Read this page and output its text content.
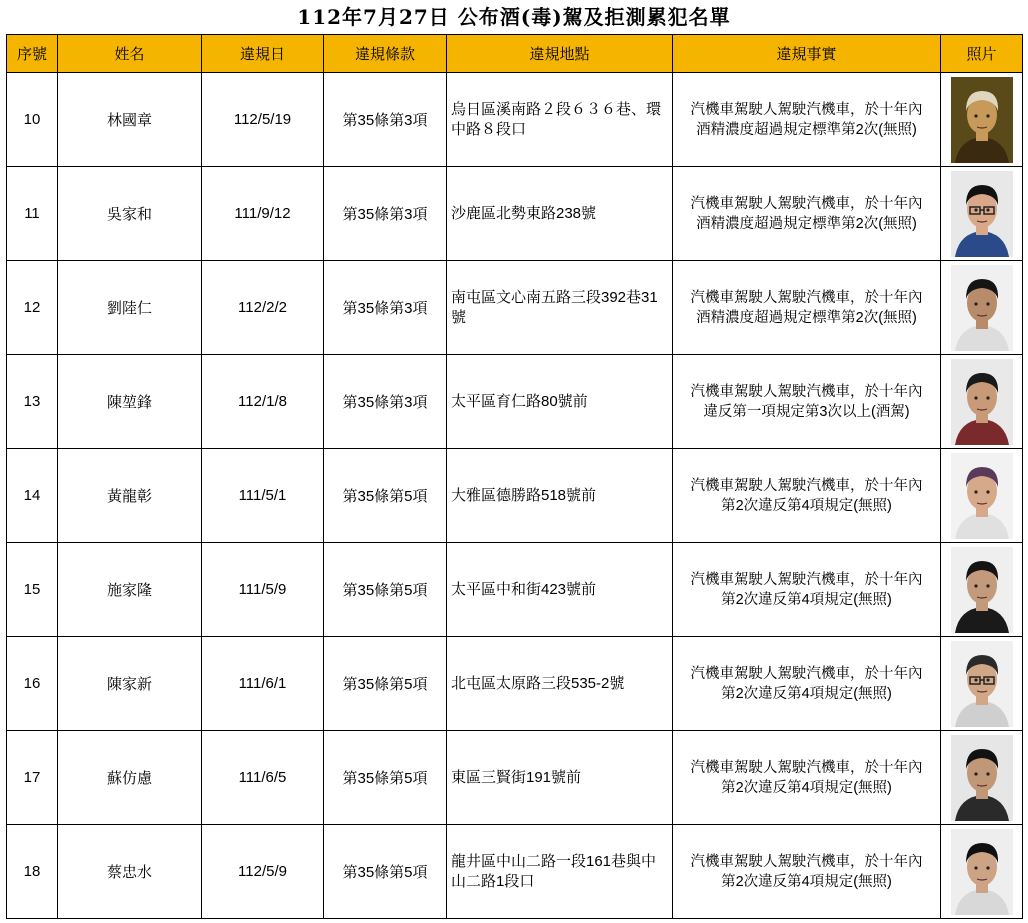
112年7月27日 公布酒(毒)駕及拒測累犯名單
序號	姓名	違規日	違規條款	違規地點	違規事實	照片
10	林國章	112/5/19	第35條第3項	烏日區溪南路２段６３６巷、環中路８段口	汽機車駕駛人駕駛汽機車，於十年內
酒精濃度超過規定標準第2次(無照)	

11	吳家和	111/9/12	第35條第3項	沙鹿區北勢東路238號	汽機車駕駛人駕駛汽機車，於十年內
酒精濃度超過規定標準第2次(無照)	

12	劉陸仁	112/2/2	第35條第3項	南屯區文心南五路三段392巷31號	汽機車駕駛人駕駛汽機車，於十年內
酒精濃度超過規定標準第2次(無照)	

13	陳堃鋒	112/1/8	第35條第3項	太平區育仁路80號前	汽機車駕駛人駕駛汽機車，於十年內
違反第一項規定第3次以上(酒駕)	

14	黃龍彰	111/5/1	第35條第5項	大雅區德勝路518號前	汽機車駕駛人駕駛汽機車，於十年內
第2次違反第4項規定(無照)	

15	施家隆	111/5/9	第35條第5項	太平區中和街423號前	汽機車駕駛人駕駛汽機車，於十年內
第2次違反第4項規定(無照)	

16	陳家新	111/6/1	第35條第5項	北屯區太原路三段535-2號	汽機車駕駛人駕駛汽機車，於十年內
第2次違反第4項規定(無照)	

17	蘇仿慮	111/6/5	第35條第5項	東區三賢街191號前	汽機車駕駛人駕駛汽機車，於十年內
第2次違反第4項規定(無照)	

18	蔡忠水	112/5/9	第35條第5項	龍井區中山二路一段161巷與中山二路1段口	汽機車駕駛人駕駛汽機車，於十年內
第2次違反第4項規定(無照)	
